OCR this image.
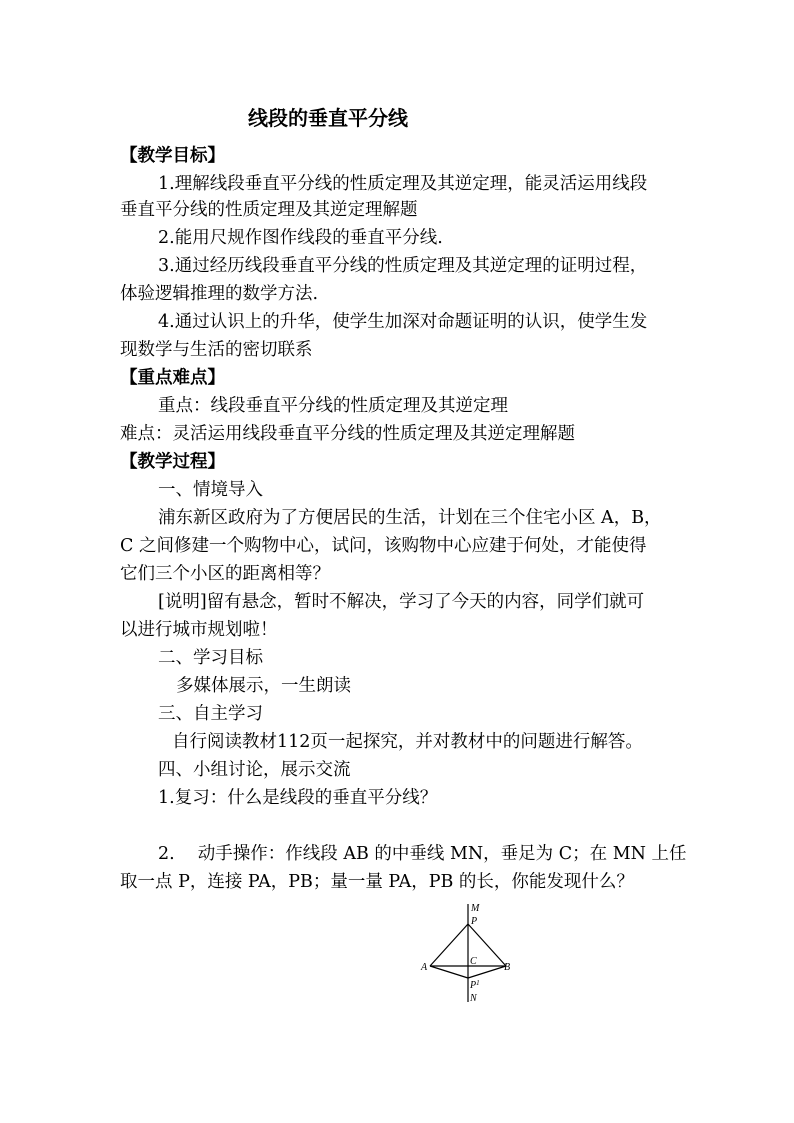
线段的垂直平分线
【教学目标】
1.理解线段垂直平分线的性质定理及其逆定理，能灵活运用线段
垂直平分线的性质定理及其逆定理解题
2.能用尺规作图作线段的垂直平分线.
3.通过经历线段垂直平分线的性质定理及其逆定理的证明过程，
体验逻辑推理的数学方法.
4.通过认识上的升华，使学生加深对命题证明的认识，使学生发
现数学与生活的密切联系
【重点难点】
重点：线段垂直平分线的性质定理及其逆定理
难点：灵活运用线段垂直平分线的性质定理及其逆定理解题
【教学过程】
一、情境导入
浦东新区政府为了方便居民的生活，计划在三个住宅小区 A，B，
C 之间修建一个购物中心，试问，该购物中心应建于何处，才能使得
它们三个小区的距离相等？
[说明]留有悬念，暂时不解决，学习了今天的内容，同学们就可
以进行城市规划啦！
二、学习目标
多媒体展示，一生朗读
三、自主学习
自行阅读教材112页一起探究，并对教材中的问题进行解答。
四、小组讨论，展示交流
1.复习：什么是线段的垂直平分线？
2.　 动手操作：作线段 AB 的中垂线 MN，垂足为 C；在 MN 上任
取一点 P，连接 PA，PB；量一量 PA，PB 的长，你能发现什么？
M
P
A
C
B
$P^1$
N
